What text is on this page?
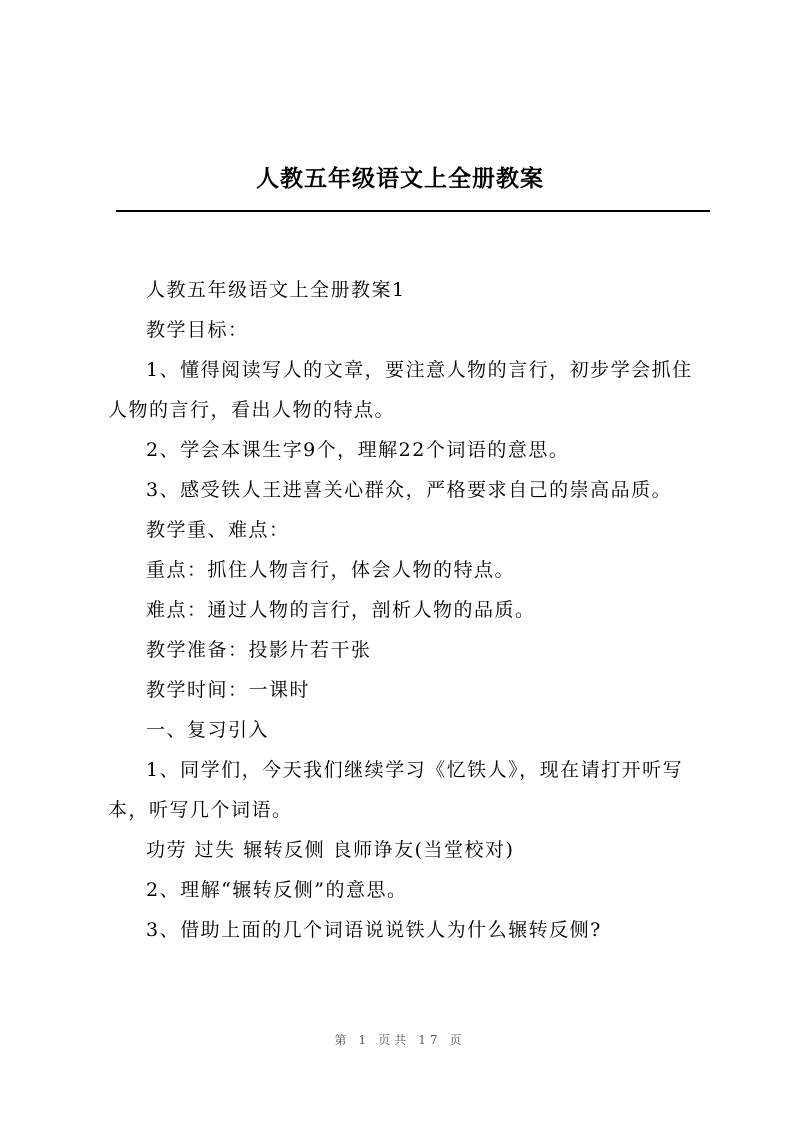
人教五年级语文上全册教案

人教五年级语文上全册教案1

教学目标：

1、懂得阅读写人的文章，要注意人物的言行，初步学会抓住人物的言行，看出人物的特点。

2、学会本课生字9个，理解22个词语的意思。

3、感受铁人王进喜关心群众，严格要求自己的崇高品质。

教学重、难点：

重点：抓住人物言行，体会人物的特点。

难点：通过人物的言行，剖析人物的品质。

教学准备：投影片若干张

教学时间：一课时

一、复习引入

1、同学们，今天我们继续学习《忆铁人》，现在请打开听写本，听写几个词语。

功劳 过失 辗转反侧 良师诤友(当堂校对)

2、理解“辗转反侧”的意思。

3、借助上面的几个词语说说铁人为什么辗转反侧?

第 1 页共 17 页
